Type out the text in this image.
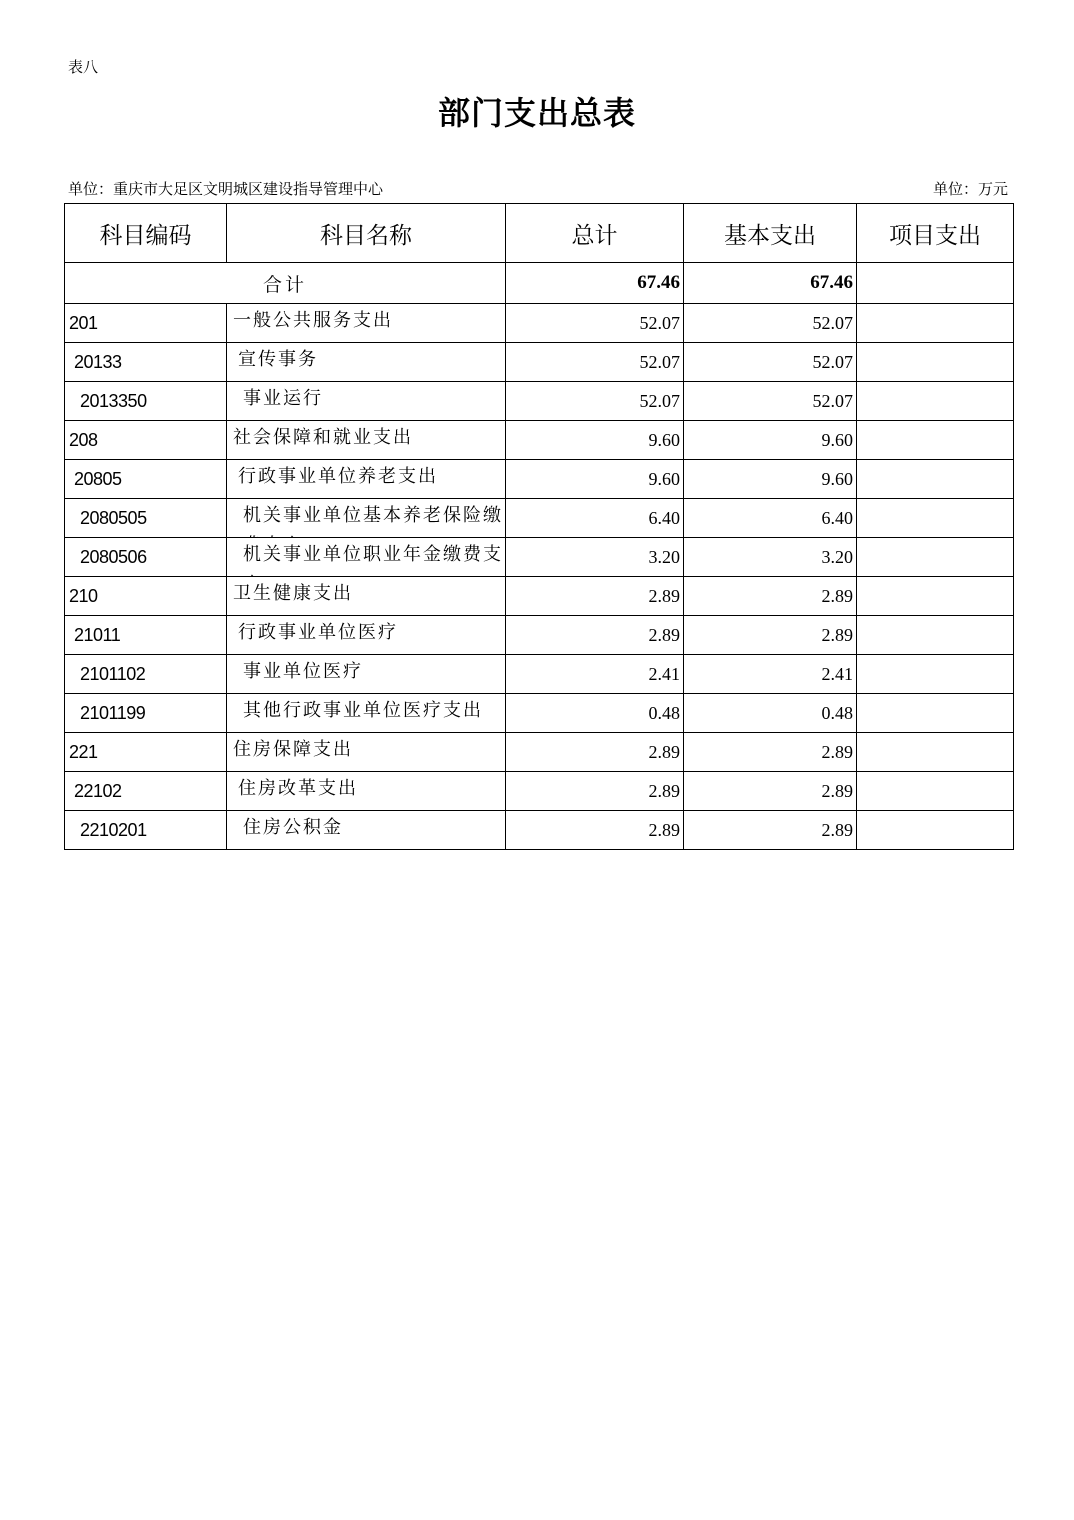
表八
部门支出总表
单位：重庆市大足区文明城区建设指导管理中心	单位：万元
科目编码	科目名称	总计	基本支出	项目支出
合计		67.46	67.46	
201	一般公共服务支出	52.07	52.07	
20133	宣传事务	52.07	52.07	
2013350	事业运行	52.07	52.07	
208	社会保障和就业支出	9.60	9.60	
20805	行政事业单位养老支出	9.60	9.60	
2080505	机关事业单位基本养老保险缴	6.40	6.40	
2080506	机关事业单位职业年金缴费支	3.20	3.20	
210	卫生健康支出	2.89	2.89	
21011	行政事业单位医疗	2.89	2.89	
2101102	事业单位医疗	2.41	2.41	
2101199	其他行政事业单位医疗支出	0.48	0.48	
221	住房保障支出	2.89	2.89	
22102	住房改革支出	2.89	2.89	
2210201	住房公积金	2.89	2.89	
